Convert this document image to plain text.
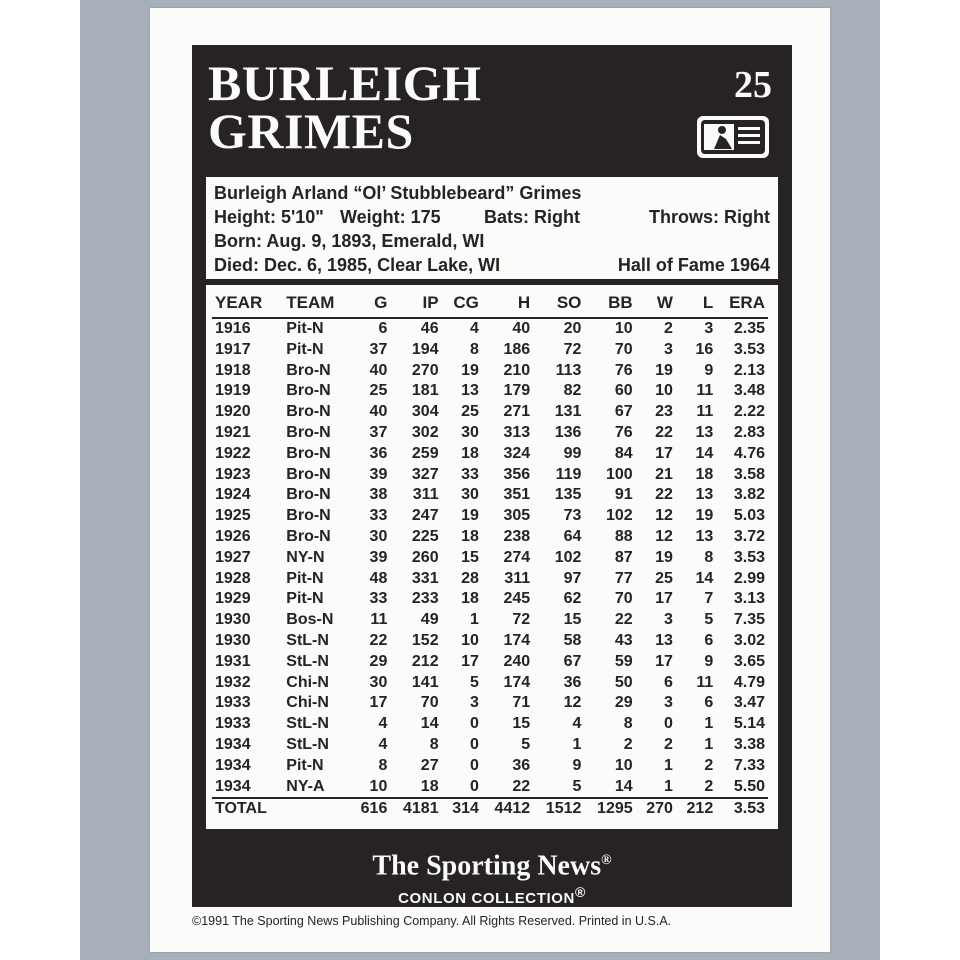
BURLEIGH
GRIMES
25
Burleigh Arland “Ol’ Stubblebeard” Grimes
Height: 5'10" Weight: 175 Bats: Right	Throws: Right
Born: Aug. 9, 1893, Emerald, WI
Died: Dec. 6, 1985, Clear Lake, WI	Hall of Fame 1964
YEAR	TEAM	G	IP	CG	H	SO	BB	W	L	ERA
1916	Pit-N	6	46	4	40	20	10	2	3	2.35
1917	Pit-N	37	194	8	186	72	70	3	16	3.53
1918	Bro-N	40	270	19	210	113	76	19	9	2.13
1919	Bro-N	25	181	13	179	82	60	10	11	3.48
1920	Bro-N	40	304	25	271	131	67	23	11	2.22
1921	Bro-N	37	302	30	313	136	76	22	13	2.83
1922	Bro-N	36	259	18	324	99	84	17	14	4.76
1923	Bro-N	39	327	33	356	119	100	21	18	3.58
1924	Bro-N	38	311	30	351	135	91	22	13	3.82
1925	Bro-N	33	247	19	305	73	102	12	19	5.03
1926	Bro-N	30	225	18	238	64	88	12	13	3.72
1927	NY-N	39	260	15	274	102	87	19	8	3.53
1928	Pit-N	48	331	28	311	97	77	25	14	2.99
1929	Pit-N	33	233	18	245	62	70	17	7	3.13
1930	Bos-N	11	49	1	72	15	22	3	5	7.35
1930	StL-N	22	152	10	174	58	43	13	6	3.02
1931	StL-N	29	212	17	240	67	59	17	9	3.65
1932	Chi-N	30	141	5	174	36	50	6	11	4.79
1933	Chi-N	17	70	3	71	12	29	3	6	3.47
1933	StL-N	4	14	0	15	4	8	0	1	5.14
1934	StL-N	4	8	0	5	1	2	2	1	3.38
1934	Pit-N	8	27	0	36	9	10	1	2	7.33
1934	NY-A	10	18	0	22	5	14	1	2	5.50
TOTAL		616	4181	314	4412	1512	1295	270	212	3.53
The Sporting News®
CONLON COLLECTION®
©1991 The Sporting News Publishing Company. All Rights Reserved. Printed in U.S.A.
